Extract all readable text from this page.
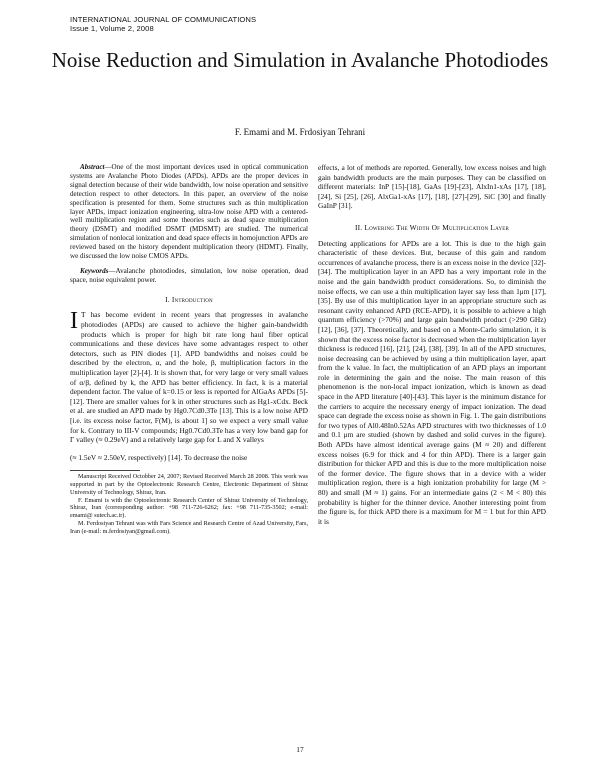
INTERNATIONAL JOURNAL OF COMMUNICATIONS
Issue 1, Volume 2, 2008
Noise Reduction and Simulation in Avalanche Photodiodes
F. Emami and M. Frdosiyan Tehrani

Abstract—One of the most important devices used in optical communication systems are Avalanche Photo Diodes (APDs). APDs are the proper devices in signal detection because of their wide bandwidth, low noise operation and sensitive detection respect to other detectors. In this paper, an overview of the noise specification is presented for them. Some structures such as thin multiplication layer APDs, impact ionization engineering, ultra-low noise APD with a centered-well multiplication region and some theories such as dead space multiplication theory (DSMT) and modified DSMT (MDSMT) are studied. The numerical simulation of nonlocal ionization and dead space effects in homojunction APDs are reviewed based on the history dependent multiplication theory (HDMT). Finally, we discussed the low noise CMOS APDs.

Keywords—Avalanche photodiodes, simulation, low noise operation, dead space, noise equivalent power.

I. Introduction

I T has become evident in recent years that progresses in avalanche photodiodes (APDs) are caused to achieve the higher gain-bandwidth products which is proper for high bit rate long haul fiber optical communications and these devices have some advantages respect to other detectors, such as PIN diodes [1]. APD bandwidths and noises could be described by the electron, α, and the hole, β, multiplication factors in the multiplication layer [2]-[4]. It is shown that, for very large or very small values of α/β, defined by k, the APD has better efficiency. In fact, k is a material dependent factor. The value of k=0.15 or less is reported for AlGaAs APDs [5]-[12]. There are smaller values for k in other structures such as Hg1-xCdx. Beck et al. are studied an APD made by Hg0.7Cd0.3Te [13]. This is a low noise APD [i.e. its excess noise factor, F(M), is about 1] so we expect a very small value for k. Contrary to III-V compounds; Hg0.7Cd0.3Te has a very low band gap for Γ valley (≈ 0.29eV) and a relatively large gap for L and X valleys

(≈ 1.5eV ≈ 2.50eV, respectively) [14]. To decrease the noise

Manuscript Received Octobber 24, 2007; Revised Received March 28 2008. This work was supported in part by the Optoelectronic Research Centre, Electronic Department of Shiraz University of Technology, Shiraz, Iran.

F. Emami is with the Optoelectronic Research Center of Shiraz University of Technology, Shiraz, Iran (corresponding author: +98 711-726-6262; fax: +98 711-735-3502; e-mail: emami@ sutech.ac.ir).

M. Ferdosiyan Tehrani was with Fars Science and Research Centre of Azad University, Fars, Iran (e-mail: m.ferdosiyan@gmail.com).

effects, a lot of methods are reported. Generally, low excess noises and high gain bandwidth products are the main purposes. They can be classified on different materials: InP [15]-[18], GaAs [19]-[23], AlxIn1-xAs [17], [18], [24], Si [25], [26], AlxGa1-xAs [17], [18], [27]-[29], SiC [30] and finally GaInP [31].

II. Lowering The Width Of Multiplication Layer

Detecting applications for APDs are a lot. This is due to the high gain characteristic of these devices. But, because of this gain and random occurrences of avalanche process, there is an excess noise in the device [32]-[34]. The multiplication layer in an APD has a very important role in the noise and the gain bandwidth product considerations. So, to diminish the noise effects, we can use a thin multiplication layer say less than 1μm [17], [35]. By use of this multiplication layer in an appropriate structure such as resonant cavity enhanced APD (RCE-APD), it is possible to achieve a high quantum efficiency (>70%) and large gain bandwidth product (>290 GHz) [12], [36], [37]. Theoretically, and based on a Monte-Carlo simulation, it is shown that the excess noise factor is decreased when the multiplication layer thickness is reduced [16], [21], [24], [38], [39]. In all of the APD structures, noise decreasing can be achieved by using a thin multiplication layer, apart from the k value. In fact, the multiplication of an APD plays an important role in determining the gain and the noise. The main reason of this phenomenon is the non-local impact ionization, which is known as dead space in the APD literature [40]-[43]. This layer is the minimum distance for the carriers to acquire the necessary energy of impact ionization. The dead space can degrade the excess noise as shown in Fig. 1. The gain distributions for two types of Al0.48In0.52As APD structures with two thicknesses of 1.0 and 0.1 μm are studied (shown by dashed and solid curves in the figure). Both APDs have almost identical average gains (M ≈ 20) and different excess noises (6.9 for thick and 4 for thin APD). There is a larger gain distribution for thicker APD and this is due to the more multiplication noise of the former device. The figure shows that in a device with a wider multiplication region, there is a high ionization probability for large (M > 80) and small (M ≈ 1) gains. For an intermediate gains (2 < M < 80) this probability is higher for the thinner device. Another interesting point from the figure is, for thick APD there is a maximum for M = 1 but for thin APD it is

17
